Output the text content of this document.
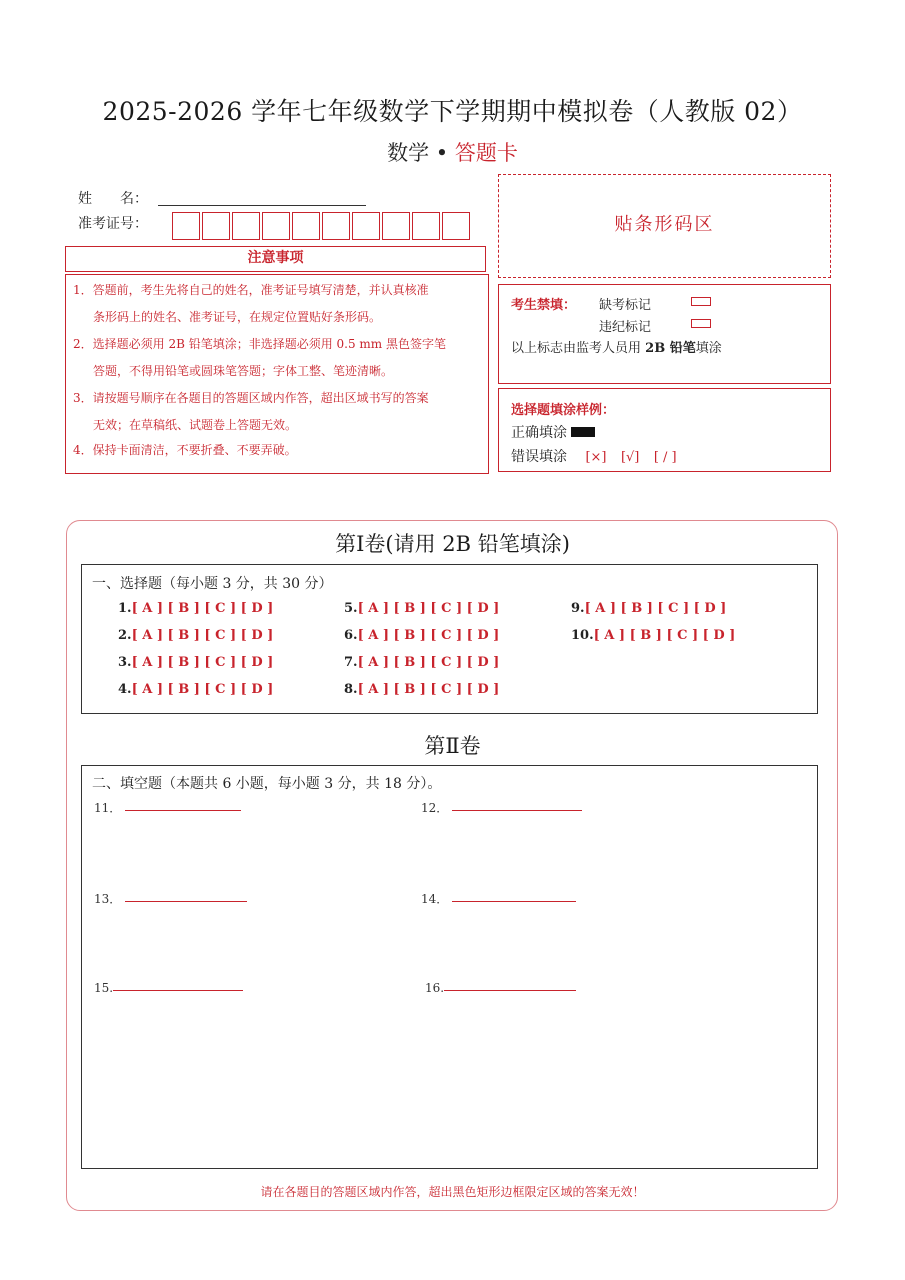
2025-2026 学年七年级数学下学期期中模拟卷（人教版 02）
数学 • 答题卡
姓　　名：
准考证号：
注意事项
1．答题前，考生先将自己的姓名，准考证号填写清楚，并认真核准
条形码上的姓名、准考证号，在规定位置贴好条形码。
2．选择题必须用 2B 铅笔填涂；非选择题必须用 0.5 mm 黑色签字笔
答题，不得用铅笔或圆珠笔答题；字体工整、笔迹清晰。
3．请按题号顺序在各题目的答题区域内作答，超出区域书写的答案
无效；在草稿纸、试题卷上答题无效。
4．保持卡面清洁，不要折叠、不要弄破。
贴条形码区
考生禁填： 缺考标记
违纪标记
以上标志由监考人员用 2B 铅笔填涂
选择题填涂样例：
正确填涂
错误填涂 [×] [√] [ / ]
第Ⅰ卷(请用 2B 铅笔填涂)
一、选择题（每小题 3 分，共 30 分）
1.[ A ] [ B ] [ C ] [ D ]
2.[ A ] [ B ] [ C ] [ D ]
3.[ A ] [ B ] [ C ] [ D ]
4.[ A ] [ B ] [ C ] [ D ]
5.[ A ] [ B ] [ C ] [ D ]
6.[ A ] [ B ] [ C ] [ D ]
7.[ A ] [ B ] [ C ] [ D ]
8.[ A ] [ B ] [ C ] [ D ]
9.[ A ] [ B ] [ C ] [ D ]
10.[ A ] [ B ] [ C ] [ D ]
第Ⅱ卷
二、填空题（本题共 6 小题，每小题 3 分，共 18 分）。
11．	12．
13．	14．
15.	16.
请在各题目的答题区域内作答，超出黑色矩形边框限定区域的答案无效！
